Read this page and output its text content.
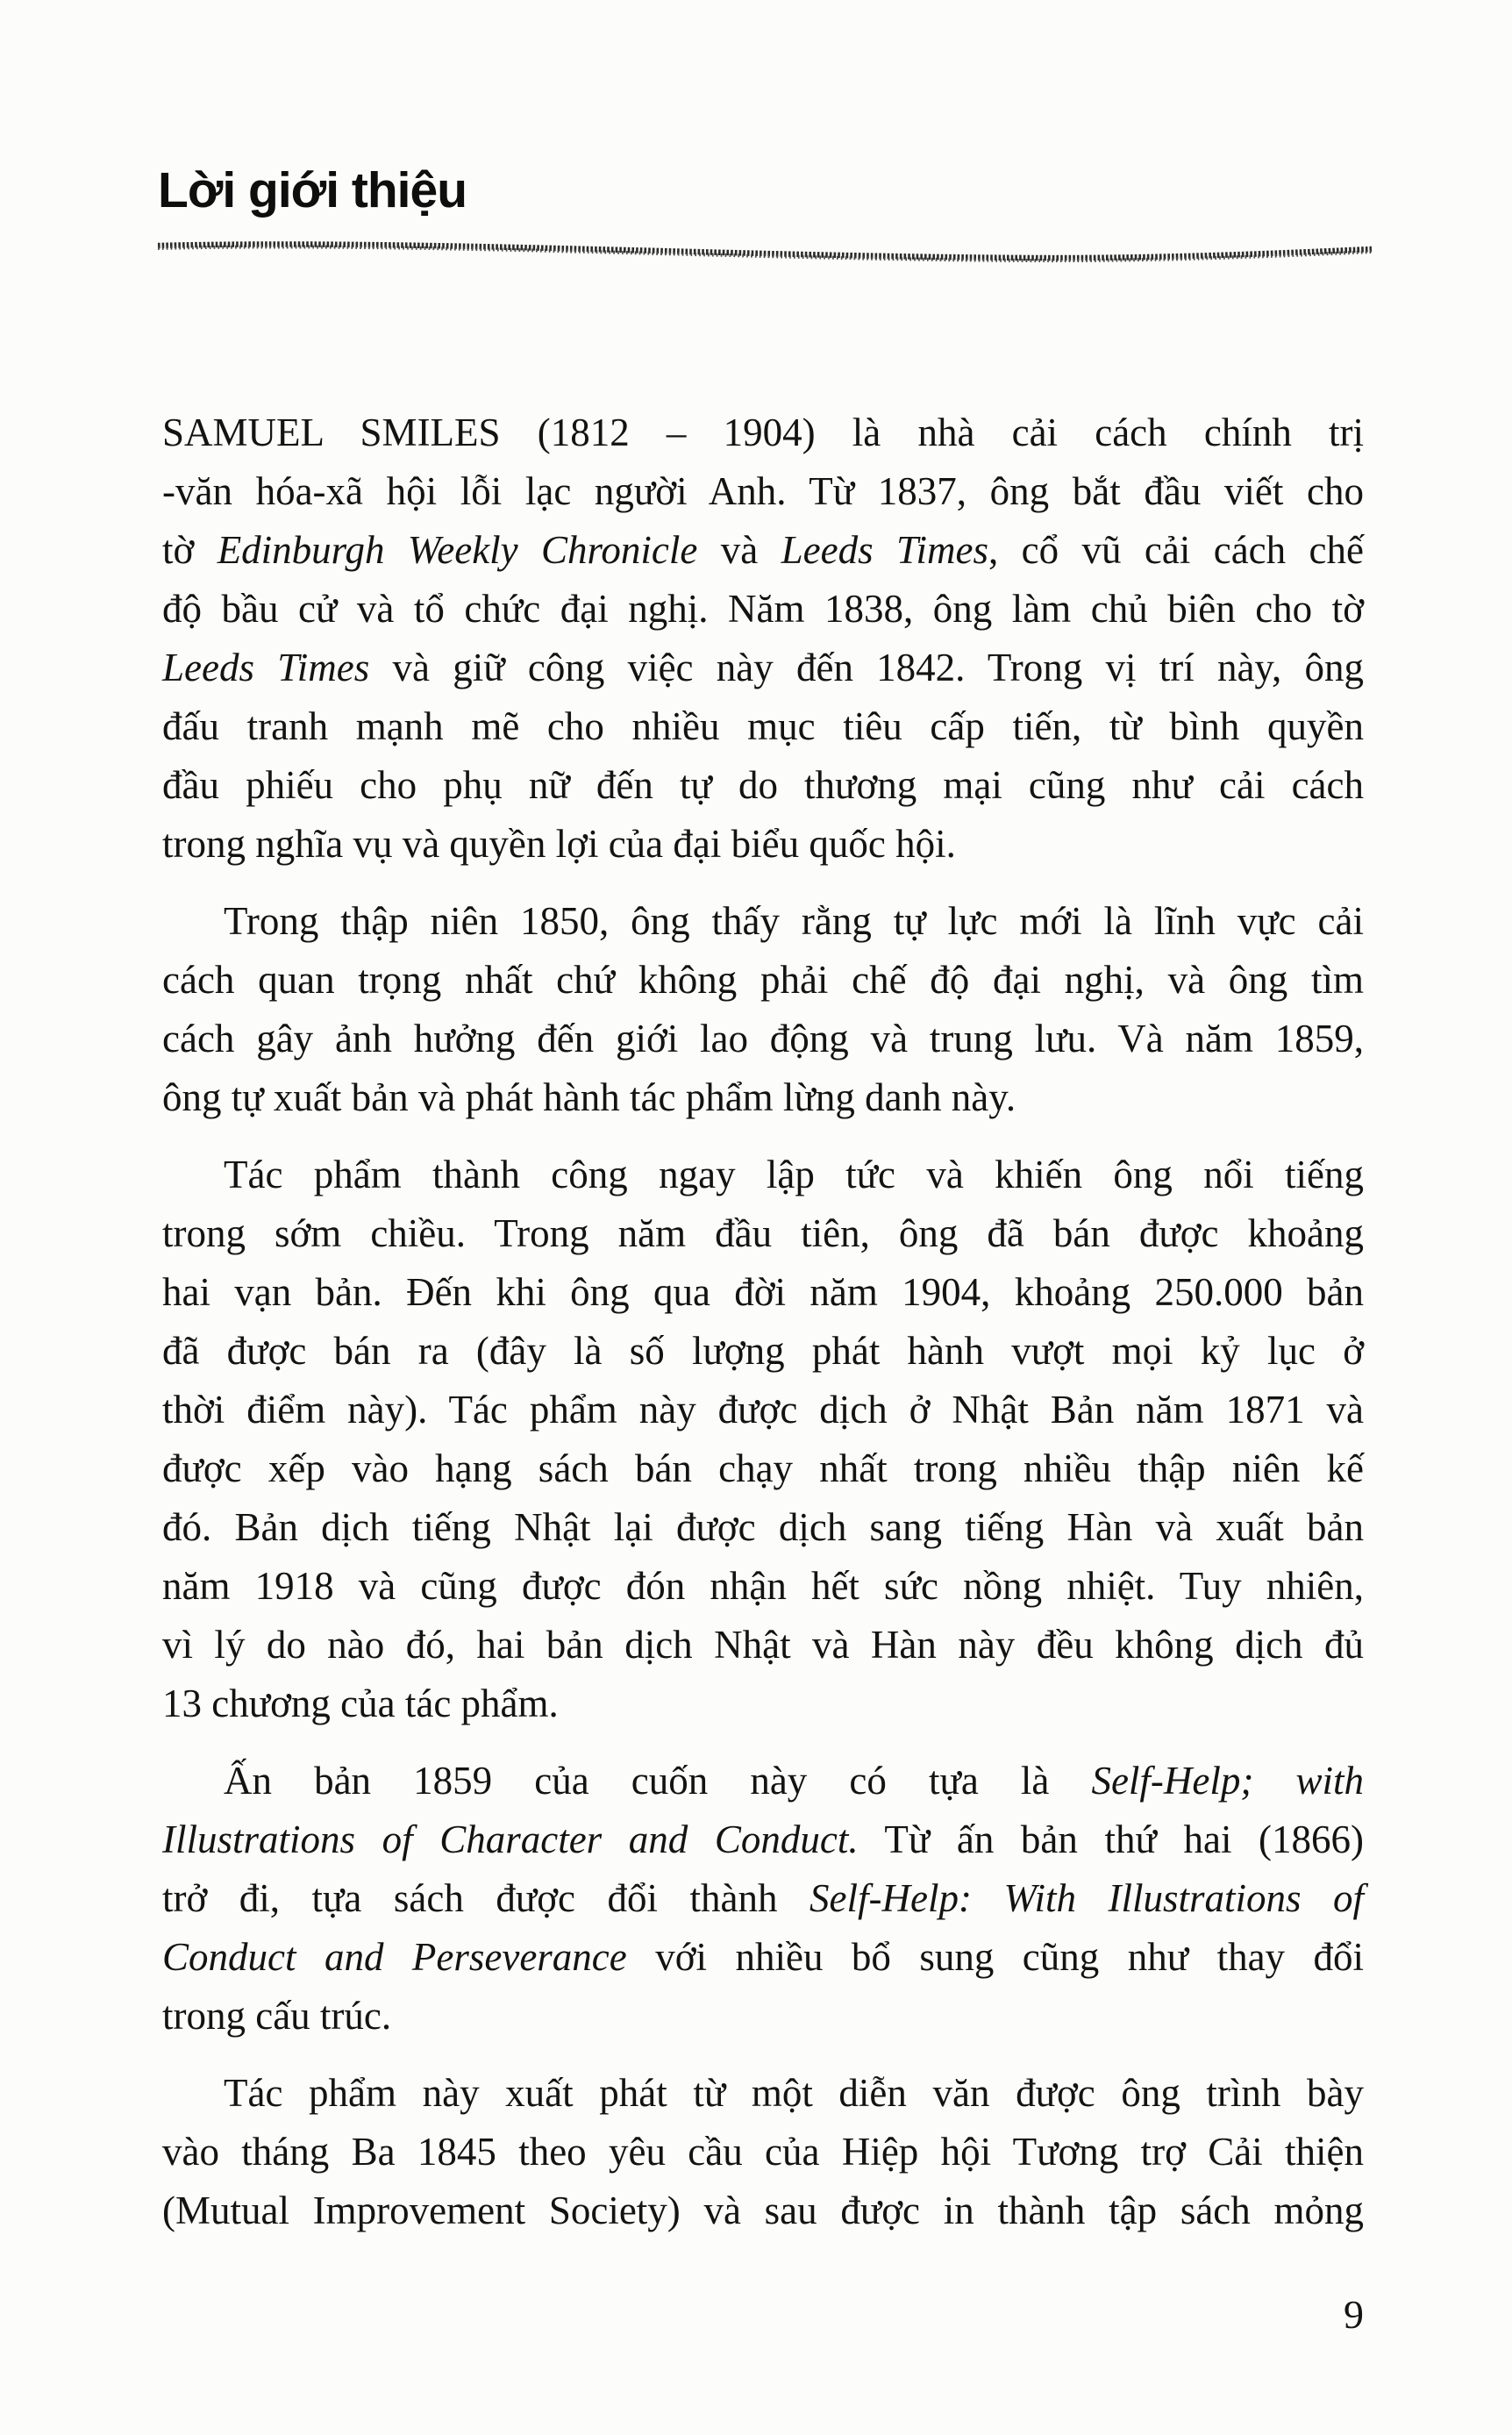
Lời giới thiệu
SAMUEL SMILES (1812 – 1904) là nhà cải cách chính trị
-văn hóa-xã hội lỗi lạc người Anh. Từ 1837, ông bắt đầu viết cho
tờ Edinburgh Weekly Chronicle và Leeds Times, cổ vũ cải cách chế
độ bầu cử và tổ chức đại nghị. Năm 1838, ông làm chủ biên cho tờ
Leeds Times và giữ công việc này đến 1842. Trong vị trí này, ông
đấu tranh mạnh mẽ cho nhiều mục tiêu cấp tiến, từ bình quyền
đầu phiếu cho phụ nữ đến tự do thương mại cũng như cải cách
trong nghĩa vụ và quyền lợi của đại biểu quốc hội.
Trong thập niên 1850, ông thấy rằng tự lực mới là lĩnh vực cải
cách quan trọng nhất chứ không phải chế độ đại nghị, và ông tìm
cách gây ảnh hưởng đến giới lao động và trung lưu. Và năm 1859,
ông tự xuất bản và phát hành tác phẩm lừng danh này.
Tác phẩm thành công ngay lập tức và khiến ông nổi tiếng
trong sớm chiều. Trong năm đầu tiên, ông đã bán được khoảng
hai vạn bản. Đến khi ông qua đời năm 1904, khoảng 250.000 bản
đã được bán ra (đây là số lượng phát hành vượt mọi kỷ lục ở
thời điểm này). Tác phẩm này được dịch ở Nhật Bản năm 1871 và
được xếp vào hạng sách bán chạy nhất trong nhiều thập niên kế
đó. Bản dịch tiếng Nhật lại được dịch sang tiếng Hàn và xuất bản
năm 1918 và cũng được đón nhận hết sức nồng nhiệt. Tuy nhiên,
vì lý do nào đó, hai bản dịch Nhật và Hàn này đều không dịch đủ
13 chương của tác phẩm.
Ấn bản 1859 của cuốn này có tựa là Self-Help; with
Illustrations of Character and Conduct. Từ ấn bản thứ hai (1866)
trở đi, tựa sách được đổi thành Self-Help: With Illustrations of
Conduct and Perseverance với nhiều bổ sung cũng như thay đổi
trong cấu trúc.
Tác phẩm này xuất phát từ một diễn văn được ông trình bày
vào tháng Ba 1845 theo yêu cầu của Hiệp hội Tương trợ Cải thiện
(Mutual Improvement Society) và sau được in thành tập sách mỏng
9
